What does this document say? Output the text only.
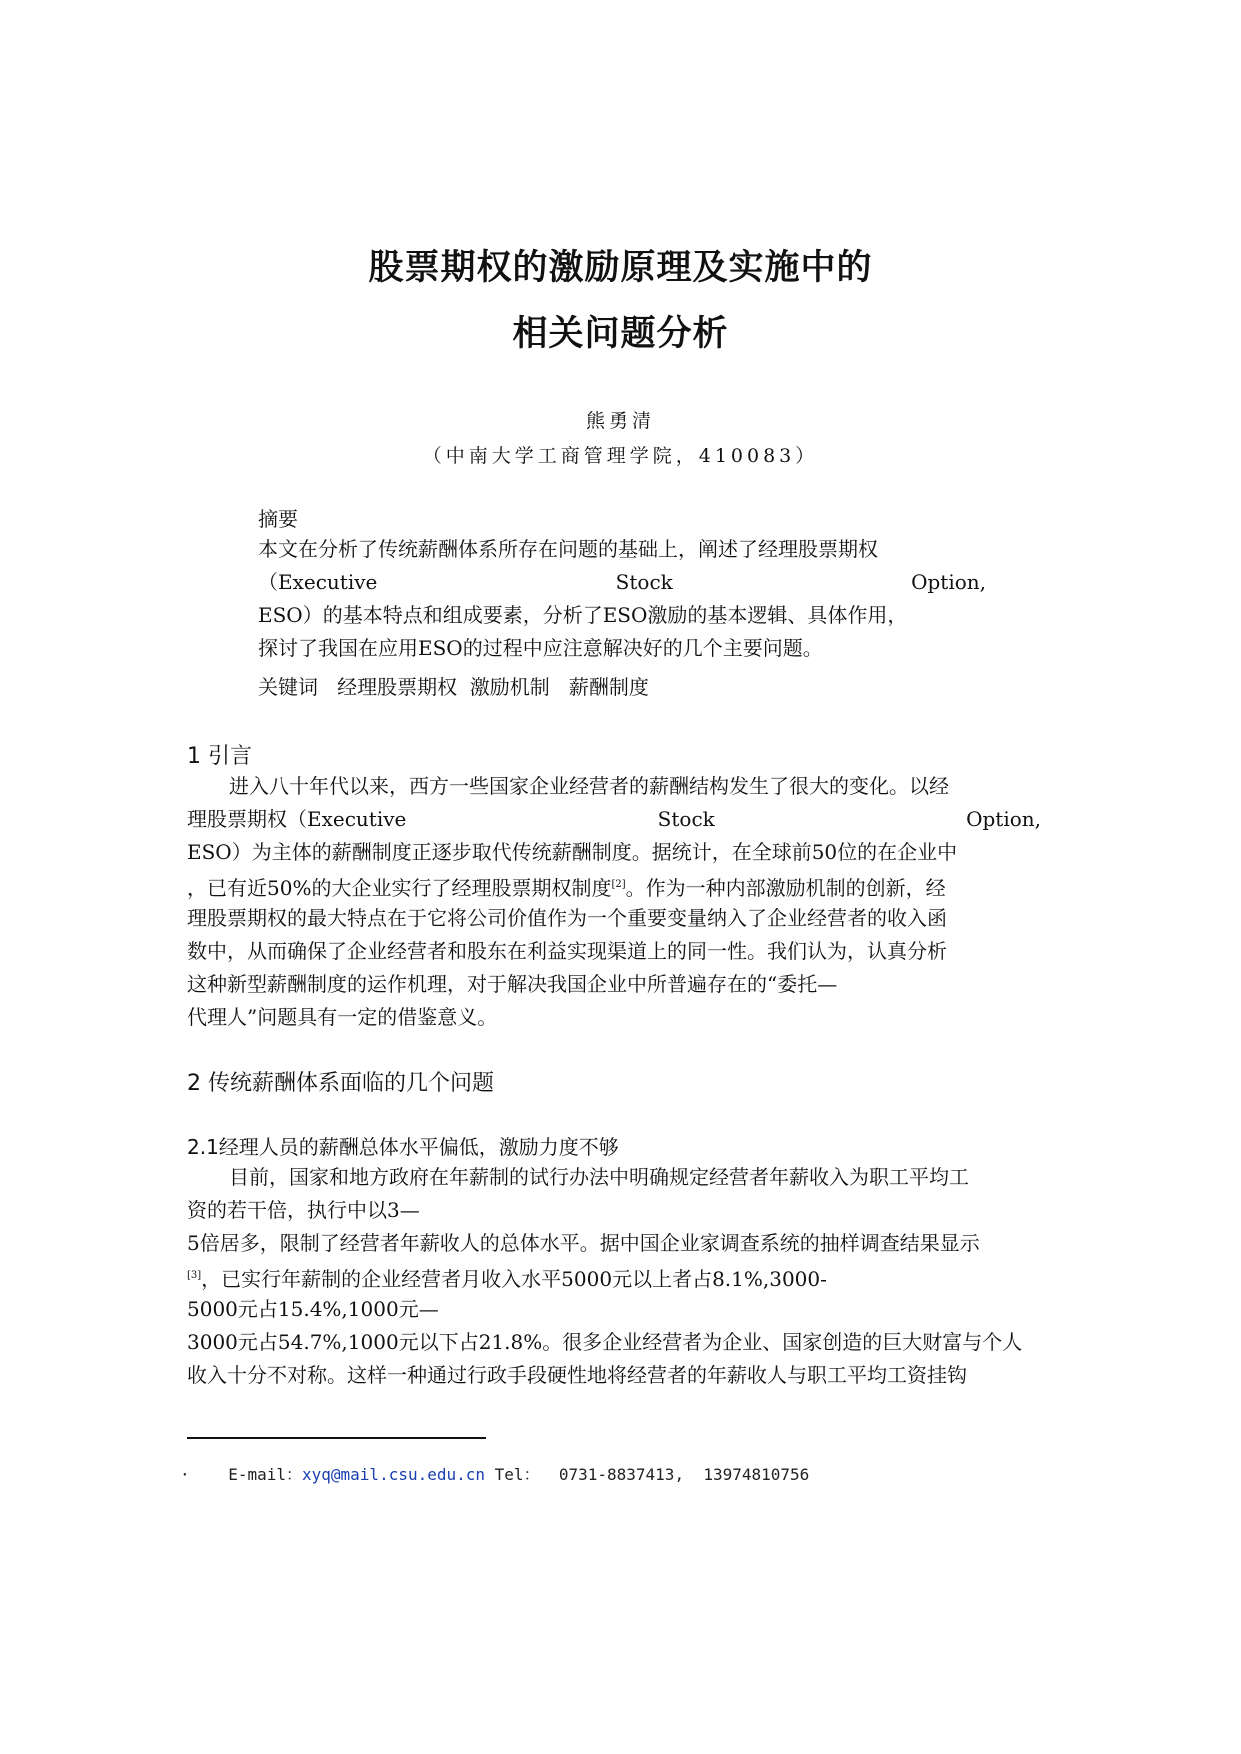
股票期权的激励原理及实施中的
相关问题分析
熊勇清
（中南大学工商管理学院，410083）
摘要
本文在分析了传统薪酬体系所存在问题的基础上，阐述了经理股票期权
（Executive	Stock	Option,
ESO）的基本特点和组成要素，分析了ESO激励的基本逻辑、具体作用，
探讨了我国在应用ESO的过程中应注意解决好的几个主要问题。
关键词 经理股票期权  激励机制   薪酬制度
1 引言
进入八十年代以来，西方一些国家企业经营者的薪酬结构发生了很大的变化。以经
理股票期权（Executive	Stock	Option,
ESO）为主体的薪酬制度正逐步取代传统薪酬制度。据统计，在全球前50位的在企业中
，已有近50%的大企业实行了经理股票期权制度[2]。作为一种内部激励机制的创新，经
理股票期权的最大特点在于它将公司价值作为一个重要变量纳入了企业经营者的收入函
数中，从而确保了企业经营者和股东在利益实现渠道上的同一性。我们认为，认真分析
这种新型薪酬制度的运作机理，对于解决我国企业中所普遍存在的“委托—
代理人”问题具有一定的借鉴意义。
2 传统薪酬体系面临的几个问题
2.1经理人员的薪酬总体水平偏低，激励力度不够
目前，国家和地方政府在年薪制的试行办法中明确规定经营者年薪收入为职工平均工
资的若干倍，执行中以3—
5倍居多，限制了经营者年薪收人的总体水平。据中国企业家调查系统的抽样调查结果显示
[3]，已实行年薪制的企业经营者月收入水平5000元以上者占8.1%,3000-
5000元占15.4%,1000元—
3000元占54.7%,1000元以下占21.8%。很多企业经营者为企业、国家创造的巨大财富与个人
收入十分不对称。这样一种通过行政手段硬性地将经营者的年薪收人与职工平均工资挂钩
· E-mail：xyq@mail.csu.edu.cn Tel： 0731-8837413,  13974810756
